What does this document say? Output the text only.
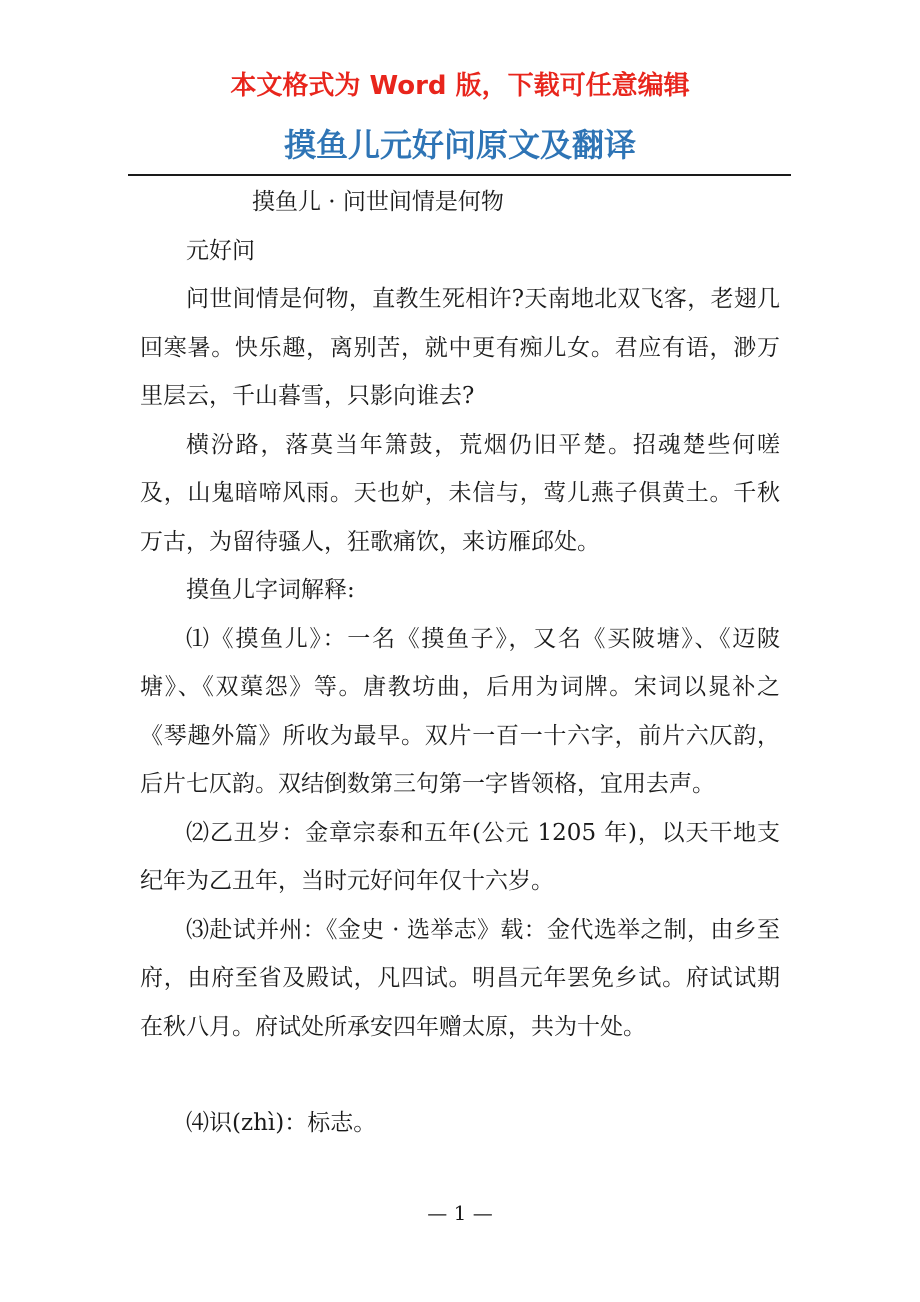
本文格式为 Word 版，下载可任意编辑
摸鱼儿元好问原文及翻译

摸鱼儿 · 问世间情是何物

元好问

问世间情是何物，直教生死相许?天南地北双飞客，老翅几回寒暑。快乐趣，离别苦，就中更有痴儿女。君应有语，渺万里层云，千山暮雪，只影向谁去?

横汾路，落莫当年箫鼓，荒烟仍旧平楚。招魂楚些何嗟及，山鬼暗啼风雨。天也妒，未信与，莺儿燕子俱黄土。千秋万古，为留待骚人，狂歌痛饮，来访雁邱处。

摸鱼儿字词解释:

⑴《摸鱼儿》：一名《摸鱼子》，又名《买陂塘》、《迈陂塘》、《双蕖怨》等。唐教坊曲，后用为词牌。宋词以晁补之《琴趣外篇》所收为最早。双片一百一十六字，前片六仄韵，后片七仄韵。双结倒数第三句第一字皆领格，宜用去声。

⑵乙丑岁：金章宗泰和五年(公元 1205 年)，以天干地支纪年为乙丑年，当时元好问年仅十六岁。

⑶赴试并州：《金史 · 选举志》载：金代选举之制，由乡至府，由府至省及殿试，凡四试。明昌元年罢免乡试。府试试期在秋八月。府试处所承安四年赠太原，共为十处。

⑷识(zhì)：标志。

— 1 —
